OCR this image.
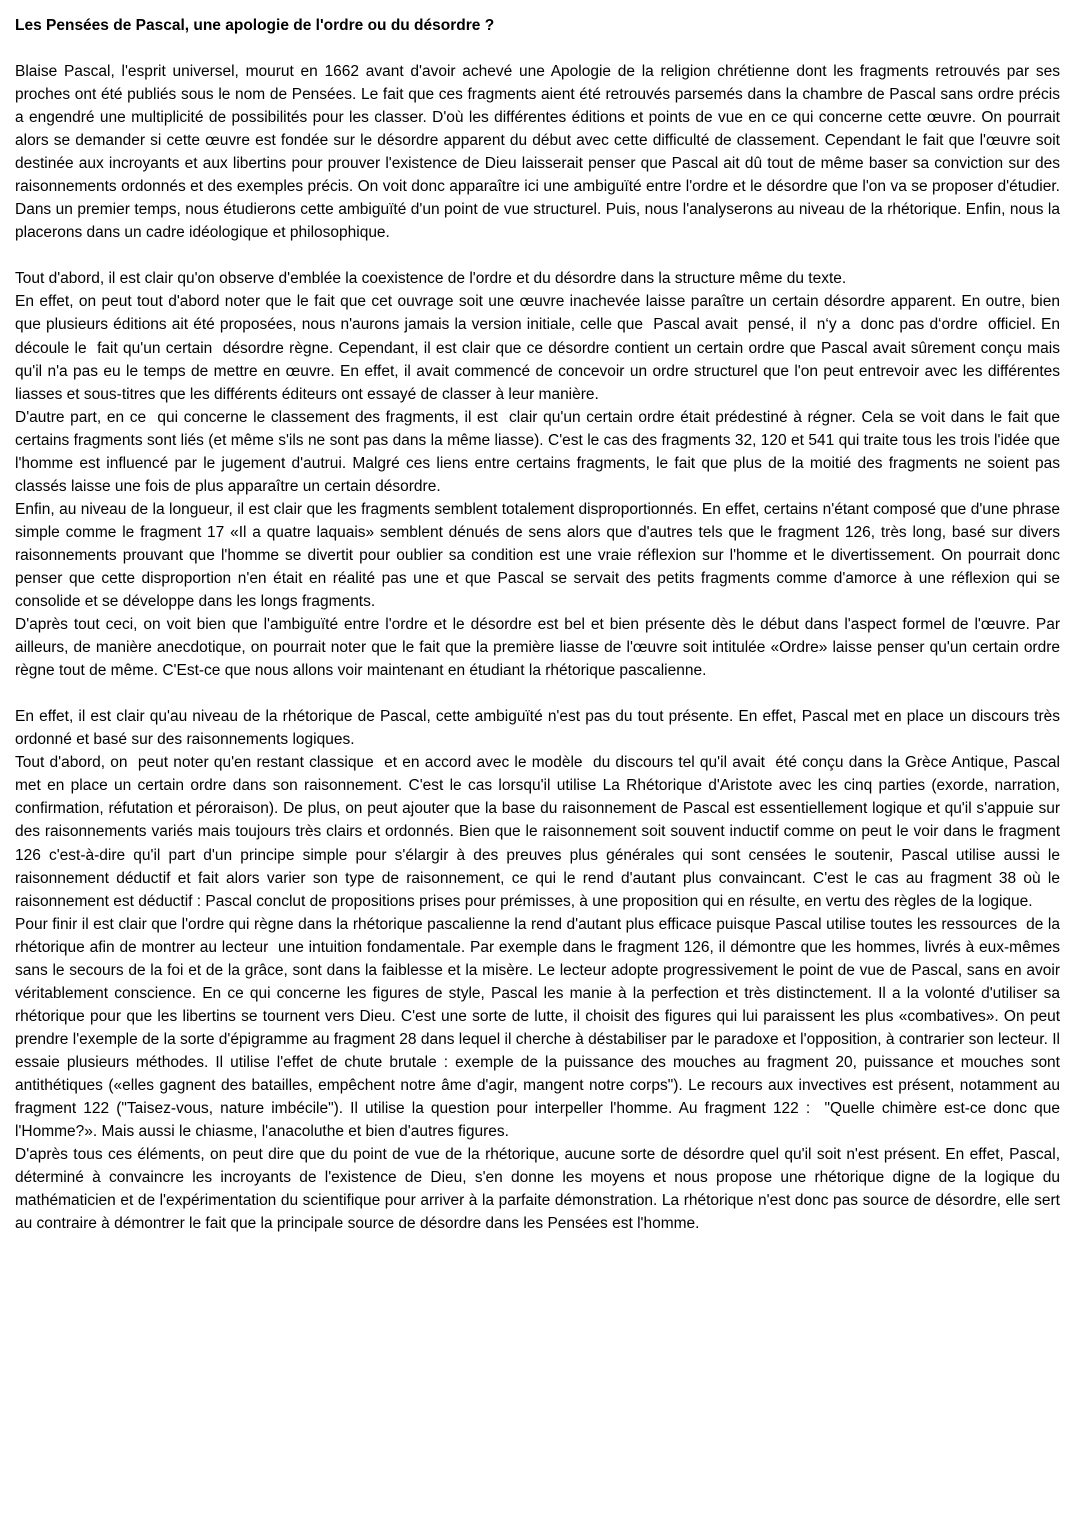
Les Pensées de Pascal, une apologie de l'ordre ou du désordre ?

Blaise Pascal, l'esprit universel, mourut en 1662 avant d'avoir achevé une Apologie de la religion chrétienne dont les fragments retrouvés par ses proches ont été publiés sous le nom de Pensées. Le fait que ces fragments aient été retrouvés parsemés dans la chambre de Pascal sans ordre précis a engendré une multiplicité de possibilités pour les classer. D'où les différentes éditions et points de vue en ce qui concerne cette œuvre. On pourrait alors se demander si cette œuvre est fondée sur le désordre apparent du début avec cette difficulté de classement. Cependant le fait que l'œuvre soit destinée aux incroyants et aux libertins pour prouver l'existence de Dieu laisserait penser que Pascal ait dû tout de même baser sa conviction sur des raisonnements ordonnés et des exemples précis. On voit donc apparaître ici une ambiguïté entre l'ordre et le désordre que l'on va se proposer d'étudier. Dans un premier temps, nous étudierons cette ambiguïté d'un point de vue structurel. Puis, nous l'analyserons au niveau de la rhétorique. Enfin, nous la placerons dans un cadre idéologique et philosophique.

Tout d'abord, il est clair qu'on observe d'emblée la coexistence de l'ordre et du désordre dans la structure même du texte.

En effet, on peut tout d'abord noter que le fait que cet ouvrage soit une œuvre inachevée laisse paraître un certain désordre apparent. En outre, bien que plusieurs éditions ait été proposées, nous n'aurons jamais la version initiale, celle que  Pascal avait  pensé, il  n‘y a  donc pas d‘ordre  officiel. En  découle le  fait qu'un certain  désordre règne. Cependant, il est clair que ce désordre contient un certain ordre que Pascal avait sûrement conçu mais qu'il n'a pas eu le temps de mettre en œuvre. En effet, il avait commencé de concevoir un ordre structurel que l'on peut entrevoir avec les différentes liasses et sous-titres que les différents éditeurs ont essayé de classer à leur manière.

D'autre part, en ce  qui concerne le classement des fragments, il est  clair qu'un certain ordre était prédestiné à régner. Cela se voit dans le fait que certains fragments sont liés (et même s'ils ne sont pas dans la même liasse). C'est le cas des fragments 32, 120 et 541 qui traite tous les trois l'idée que l'homme est influencé par le jugement d'autrui. Malgré ces liens entre certains fragments, le fait que plus de la moitié des fragments ne soient pas classés laisse une fois de plus apparaître un certain désordre.

Enfin, au niveau de la longueur, il est clair que les fragments semblent totalement disproportionnés. En effet, certains n'étant composé que d'une phrase simple comme le fragment 17 «Il a quatre laquais» semblent dénués de sens alors que d'autres tels que le fragment 126, très long, basé sur divers raisonnements prouvant que l'homme se divertit pour oublier sa condition est une vraie réflexion sur l'homme et le divertissement. On pourrait donc penser que cette disproportion n'en était en réalité pas une et que Pascal se servait des petits fragments comme d'amorce à une réflexion qui se consolide et se développe dans les longs fragments.

D'après tout ceci, on voit bien que l'ambiguïté entre l'ordre et le désordre est bel et bien présente dès le début dans l'aspect formel de l'œuvre. Par ailleurs, de manière anecdotique, on pourrait noter que le fait que la première liasse de l'œuvre soit intitulée «Ordre» laisse penser qu'un certain ordre règne tout de même. C'Est-ce que nous allons voir maintenant en étudiant la rhétorique pascalienne.

En effet, il est clair qu'au niveau de la rhétorique de Pascal, cette ambiguïté n'est pas du tout présente. En effet, Pascal met en place un discours très ordonné et basé sur des raisonnements logiques.

Tout d'abord, on  peut noter qu'en restant classique  et en accord avec le modèle  du discours tel qu'il avait  été conçu dans la Grèce Antique, Pascal met en place un certain ordre dans son raisonnement. C'est le cas lorsqu'il utilise La Rhétorique d'Aristote avec les cinq parties (exorde, narration, confirmation, réfutation et péroraison). De plus, on peut ajouter que la base du raisonnement de Pascal est essentiellement logique et qu'il s'appuie sur des raisonnements variés mais toujours très clairs et ordonnés. Bien que le raisonnement soit souvent inductif comme on peut le voir dans le fragment 126 c'est-à-dire qu'il part d'un principe simple pour s'élargir à des preuves plus générales qui sont censées le soutenir, Pascal utilise aussi le raisonnement déductif et fait alors varier son type de raisonnement, ce qui le rend d'autant plus convaincant. C'est le cas au fragment 38 où le raisonnement est déductif : Pascal conclut de propositions prises pour prémisses, à une proposition qui en résulte, en vertu des règles de la logique.

Pour finir il est clair que l'ordre qui règne dans la rhétorique pascalienne la rend d'autant plus efficace puisque Pascal utilise toutes les ressources  de la rhétorique afin de montrer au lecteur  une intuition fondamentale. Par exemple dans le fragment 126, il démontre que les hommes, livrés à eux-mêmes sans le secours de la foi et de la grâce, sont dans la faiblesse et la misère. Le lecteur adopte progressivement le point de vue de Pascal, sans en avoir véritablement conscience. En ce qui concerne les figures de style, Pascal les manie à la perfection et très distinctement. Il a la volonté d'utiliser sa rhétorique pour que les libertins se tournent vers Dieu. C'est une sorte de lutte, il choisit des figures qui lui paraissent les plus «combatives». On peut prendre l'exemple de la sorte d'épigramme au fragment 28 dans lequel il cherche à déstabiliser par le paradoxe et l'opposition, à contrarier son lecteur. Il essaie plusieurs méthodes. Il utilise l'effet de chute brutale : exemple de la puissance des mouches au fragment 20, puissance et mouches sont antithétiques («elles gagnent des batailles, empêchent notre âme d'agir, mangent notre corps"). Le recours aux invectives est présent, notamment au fragment 122 ("Taisez-vous, nature imbécile"). Il utilise la question pour interpeller l'homme. Au fragment 122 :  "Quelle chimère est-ce donc que l'Homme?». Mais aussi le chiasme, l'anacoluthe et bien d'autres figures.

D'après tous ces éléments, on peut dire que du point de vue de la rhétorique, aucune sorte de désordre quel qu'il soit n'est présent. En effet, Pascal, déterminé à convaincre les incroyants de l'existence de Dieu, s'en donne les moyens et nous propose une rhétorique digne de la logique du mathématicien et de l'expérimentation du scientifique pour arriver à la parfaite démonstration. La rhétorique n'est donc pas source de désordre, elle sert au contraire à démontrer le fait que la principale source de désordre dans les Pensées est l'homme.
